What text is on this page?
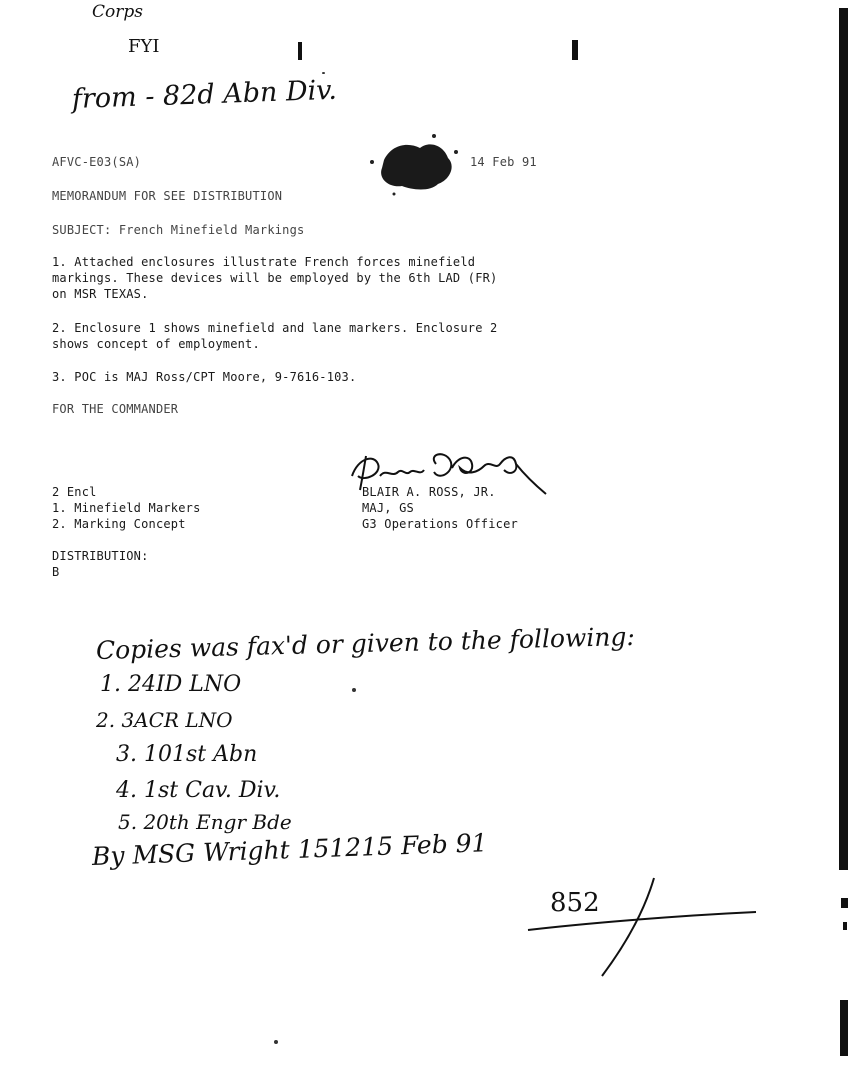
Corps
FYI
from - 82d Abn Div.
AFVC-E03(SA)	14 Feb 91
MEMORANDUM FOR SEE DISTRIBUTION
SUBJECT: French Minefield Markings
1. Attached enclosures illustrate French forces minefield
markings. These devices will be employed by the 6th LAD (FR)
on MSR TEXAS.
2. Enclosure 1 shows minefield and lane markers. Enclosure 2
shows concept of employment.
3. POC is MAJ Ross/CPT Moore, 9-7616-103.
FOR THE COMMANDER
2 Encl
1. Minefield Markers
2. Marking Concept
BLAIR A. ROSS, JR.
MAJ, GS
G3 Operations Officer
DISTRIBUTION:
B
Copies was fax'd or given to the following:
1. 24ID LNO
2. 3ACR LNO
3. 101st Abn
4. 1st Cav. Div.
5. 20th Engr Bde
By MSG Wright 151215 Feb 91
852
